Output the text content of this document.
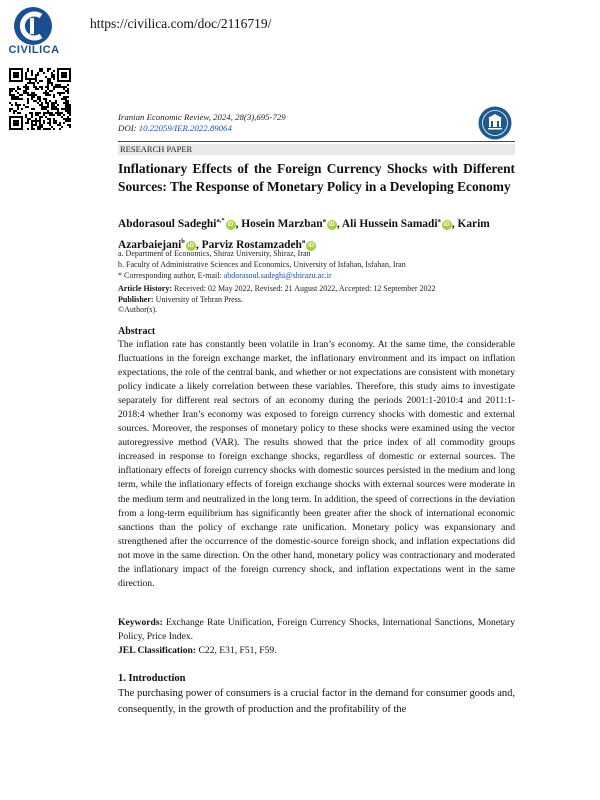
CIVILICA
https://civilica.com/doc/2116719/
Iranian Economic Review, 2024, 28(3),695-729
DOI: 10.22059/IER.2022.89064
RESEARCH PAPER
Inflationary Effects of the Foreign Currency Shocks with Different Sources: The Response of Monetary Policy in a Developing Economy
Abdorasoul Sadeghi$^{a,*}$iD , Hosein Marzban$^a$iD , Ali Hussein Samadi$^a$iD , Karim Azarbaiejani$^b$iD , Parviz Rostamzadeh$^a$iD
a. Department of Economics, Shiraz University, Shiraz, Iran
b. Faculty of Administrative Sciences and Economics, University of Isfahan, Isfahan, Iran
* Corresponding author, E-mail: abdorasoul.sadeghi@shirazu.ac.ir
Article History: Received: 02 May 2022, Revised: 21 August 2022, Accepted: 12 September 2022
Publisher: University of Tehran Press.
©Author(s).
Abstract
The inflation rate has constantly been volatile in Iran’s economy. At the same time, the considerable fluctuations in the foreign exchange market, the inflationary environment and its impact on inflation expectations, the role of the central bank, and whether or not expectations are consistent with monetary policy indicate a likely correlation between these variables. Therefore, this study aims to investigate separately for different real sectors of an economy during the periods 2001:1-2010:4 and 2011:1-2018:4 whether Iran’s economy was exposed to foreign currency shocks with domestic and external sources. Moreover, the responses of monetary policy to these shocks were examined using the vector autoregressive method (VAR). The results showed that the price index of all commodity groups increased in response to foreign exchange shocks, regardless of domestic or external sources. The inflationary effects of foreign currency shocks with domestic sources persisted in the medium and long term, while the inflationary effects of foreign exchange shocks with external sources were moderate in the medium term and neutralized in the long term. In addition, the speed of corrections in the deviation from a long-term equilibrium has significantly been greater after the shock of international economic sanctions than the policy of exchange rate unification. Monetary policy was expansionary and strengthened after the occurrence of the domestic-source foreign shock, and inflation expectations did not move in the same direction. On the other hand, monetary policy was contractionary and moderated the inflationary impact of the foreign currency shock, and inflation expectations went in the same direction.
Keywords: Exchange Rate Unification, Foreign Currency Shocks, International Sanctions, Monetary Policy, Price Index.
JEL Classification: C22, E31, F51, F59.
1. Introduction
The purchasing power of consumers is a crucial factor in the demand for consumer goods and, consequently, in the growth of production and the profitability of the
